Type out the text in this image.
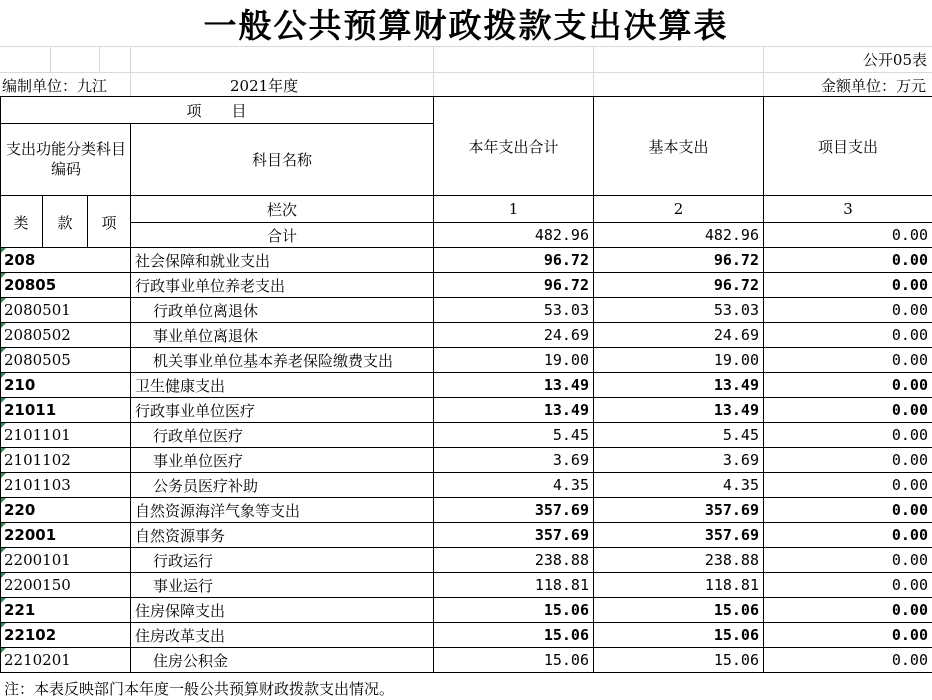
一般公共预算财政拨款支出决算表
公开05表
编制单位：九江	2021年度	金额单位：万元
项　　目
支出功能分类科目编码
科目名称
本年支出合计	基本支出	项目支出
类	款	项
栏次	1	2	3
合计	482.96	482.96	0.00
208	社会保障和就业支出	96.72	96.72	0.00
20805	行政事业单位养老支出	96.72	96.72	0.00
2080501	行政单位离退休	53.03	53.03	0.00
2080502	事业单位离退休	24.69	24.69	0.00
2080505	机关事业单位基本养老保险缴费支出	19.00	19.00	0.00
210	卫生健康支出	13.49	13.49	0.00
21011	行政事业单位医疗	13.49	13.49	0.00
2101101	行政单位医疗	5.45	5.45	0.00
2101102	事业单位医疗	3.69	3.69	0.00
2101103	公务员医疗补助	4.35	4.35	0.00
220	自然资源海洋气象等支出	357.69	357.69	0.00
22001	自然资源事务	357.69	357.69	0.00
2200101	行政运行	238.88	238.88	0.00
2200150	事业运行	118.81	118.81	0.00
221	住房保障支出	15.06	15.06	0.00
22102	住房改革支出	15.06	15.06	0.00
2210201	住房公积金	15.06	15.06	0.00
注：本表反映部门本年度一般公共预算财政拨款支出情况。
